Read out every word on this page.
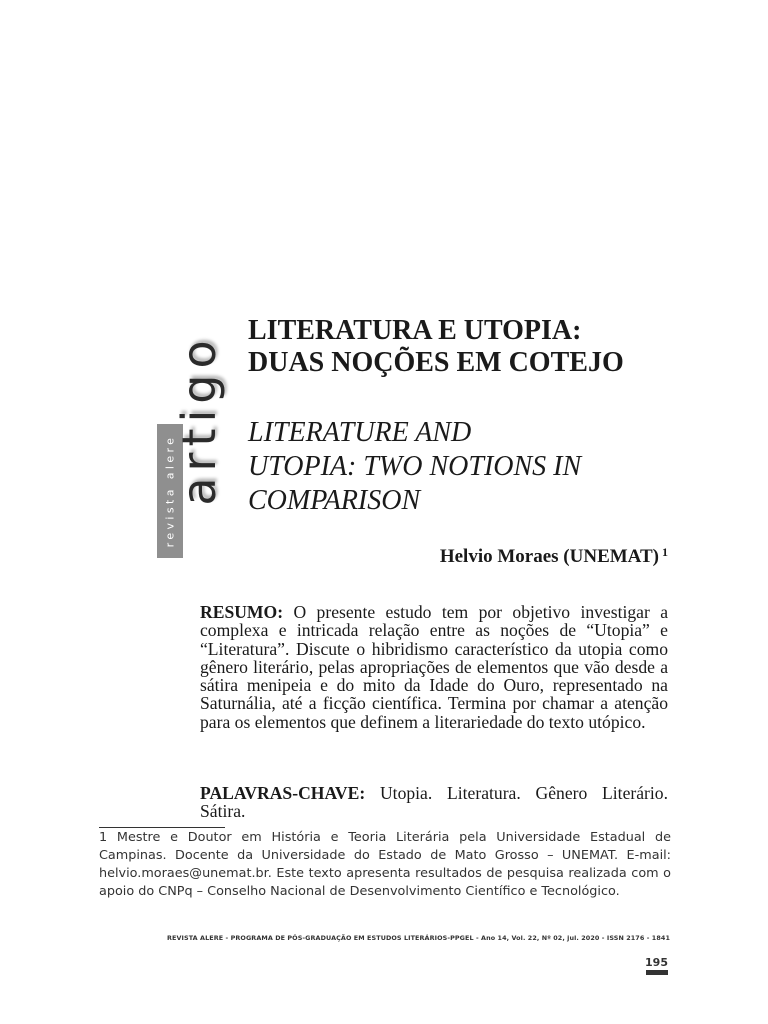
revista alere
artigo
LITERATURA E UTOPIA:
DUAS NOÇÕES EM COTEJO
LITERATURE AND
UTOPIA: TWO NOTIONS IN
COMPARISON
Helvio Moraes (UNEMAT) $^1$

RESUMO: O presente estudo tem por objetivo investigar a complexa e intricada relação entre as noções de “Utopia” e “Literatura”. Discute o hibridismo característico da utopia como gênero literário, pelas apropriações de elementos que vão desde a sátira menipeia e do mito da Idade do Ouro, representado na Saturnália, até a ficção científica. Termina por chamar a atenção para os elementos que definem a literariedade do texto utópico.

PALAVRAS-CHAVE: Utopia. Literatura. Gênero Literário. Sátira.

1 Mestre e Doutor em História e Teoria Literária pela Universidade Estadual de Campinas. Docente da Universidade do Estado de Mato Grosso – UNEMAT. E-mail: helvio.moraes@unemat.br. Este texto apresenta resultados de pesquisa realizada com o apoio do CNPq – Conselho Nacional de Desenvolvimento Científico e Tecnológico.

REVISTA ALERE - PROGRAMA DE PÓS-GRADUAÇÃO EM ESTUDOS LITERÁRIOS-PPGEL - Ano 14, Vol. 22, Nº 02, jul. 2020 - ISSN 2176 - 1841
195
